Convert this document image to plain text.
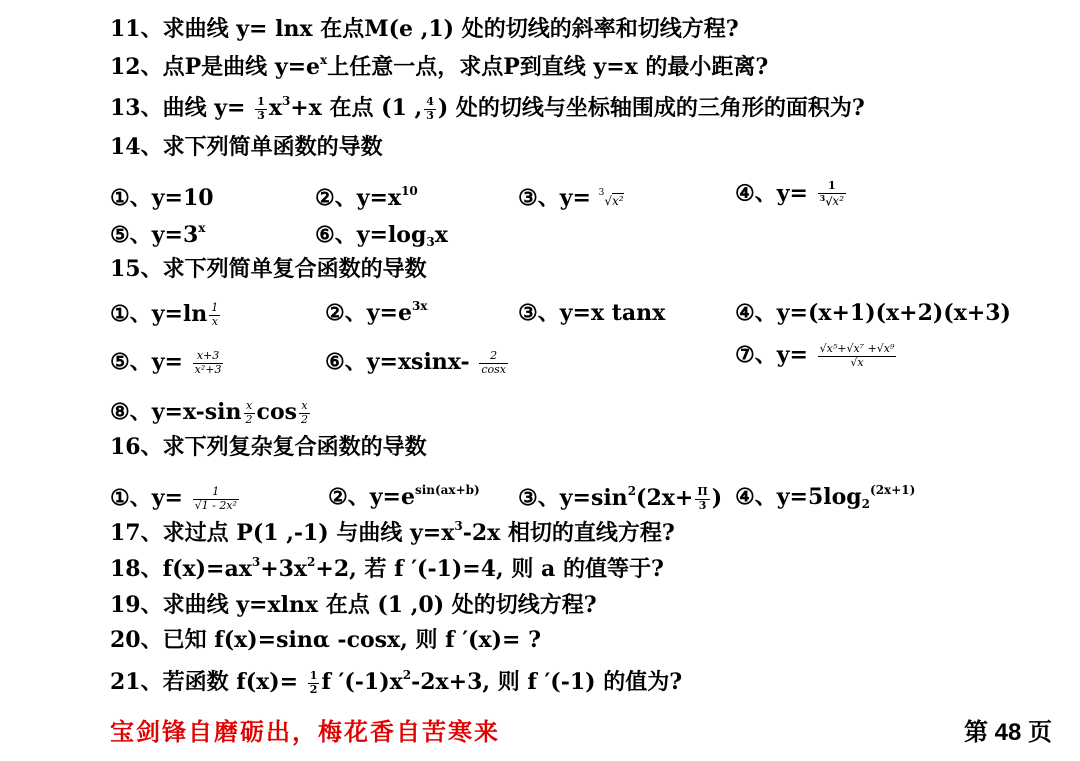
11、求曲线 y= lnx 在点M(e ,1) 处的切线的斜率和切线方程?
12、点P是曲线 $y=e^x$上任意一点，求点P到直线 y=x 的最小距离?
13、曲线 $y= \frac{1}{3} x^3+x$ 在点 (1 , $\frac{4}{3}$ ) 处的切线与坐标轴围成的三角形的面积为?
14、求下列简单函数的导数
①、y=10	②、$y=x^{10}$	③、y= $^3$√x²	④、$y= \frac{1}{^3√x^2}$
⑤、$y=3^x$	⑥、$y=\log_3x$
15、求下列简单复合函数的导数
①、$y=\ln \frac{1}{x}$	②、$y=e^{3x}$	③、y=x tanx	④、y=(x+1)(x+2)(x+3)
⑤、$y= \frac{x+3}{\text{x²+3}}$	⑥、$y=xsinx- \frac{2}{\cos x}$	⑦、$y= \frac{\text{√x⁵+√x⁷ +√x⁹}}{√x}$
⑧、$y=x-\sin \frac{x}{2}$ $\cos \frac{x}{2}$
16、求下列复杂复合函数的导数
①、$y= \frac{1}{\text{√1 - 2x²}}$	②、$y=e^{sin(ax+b)}$ ③、$y=\sin^2(2x+ \frac{\Pi}{3}$ ) ④、$y=5\log_2^{(2x+1)}$
17、求过点 P(1 ,-1) 与曲线 $y=x^3-2x$ 相切的直线方程?
18、$f(x)=ax^3+3x^2+2$, 若 f ′(-1)=4, 则 a 的值等于?
19、求曲线 y=xlnx 在点 (1 ,0) 处的切线方程?
20、已知 f(x)=sinα -cosx, 则 f ′(x)= ?
21、若函数 $f(x)= \frac{1}{2}$ f $'(-1)x^2-2x+3$, 则 f ′(-1) 的值为?
宝剑锋自磨砺出，梅花香自苦寒来	第 48 页
